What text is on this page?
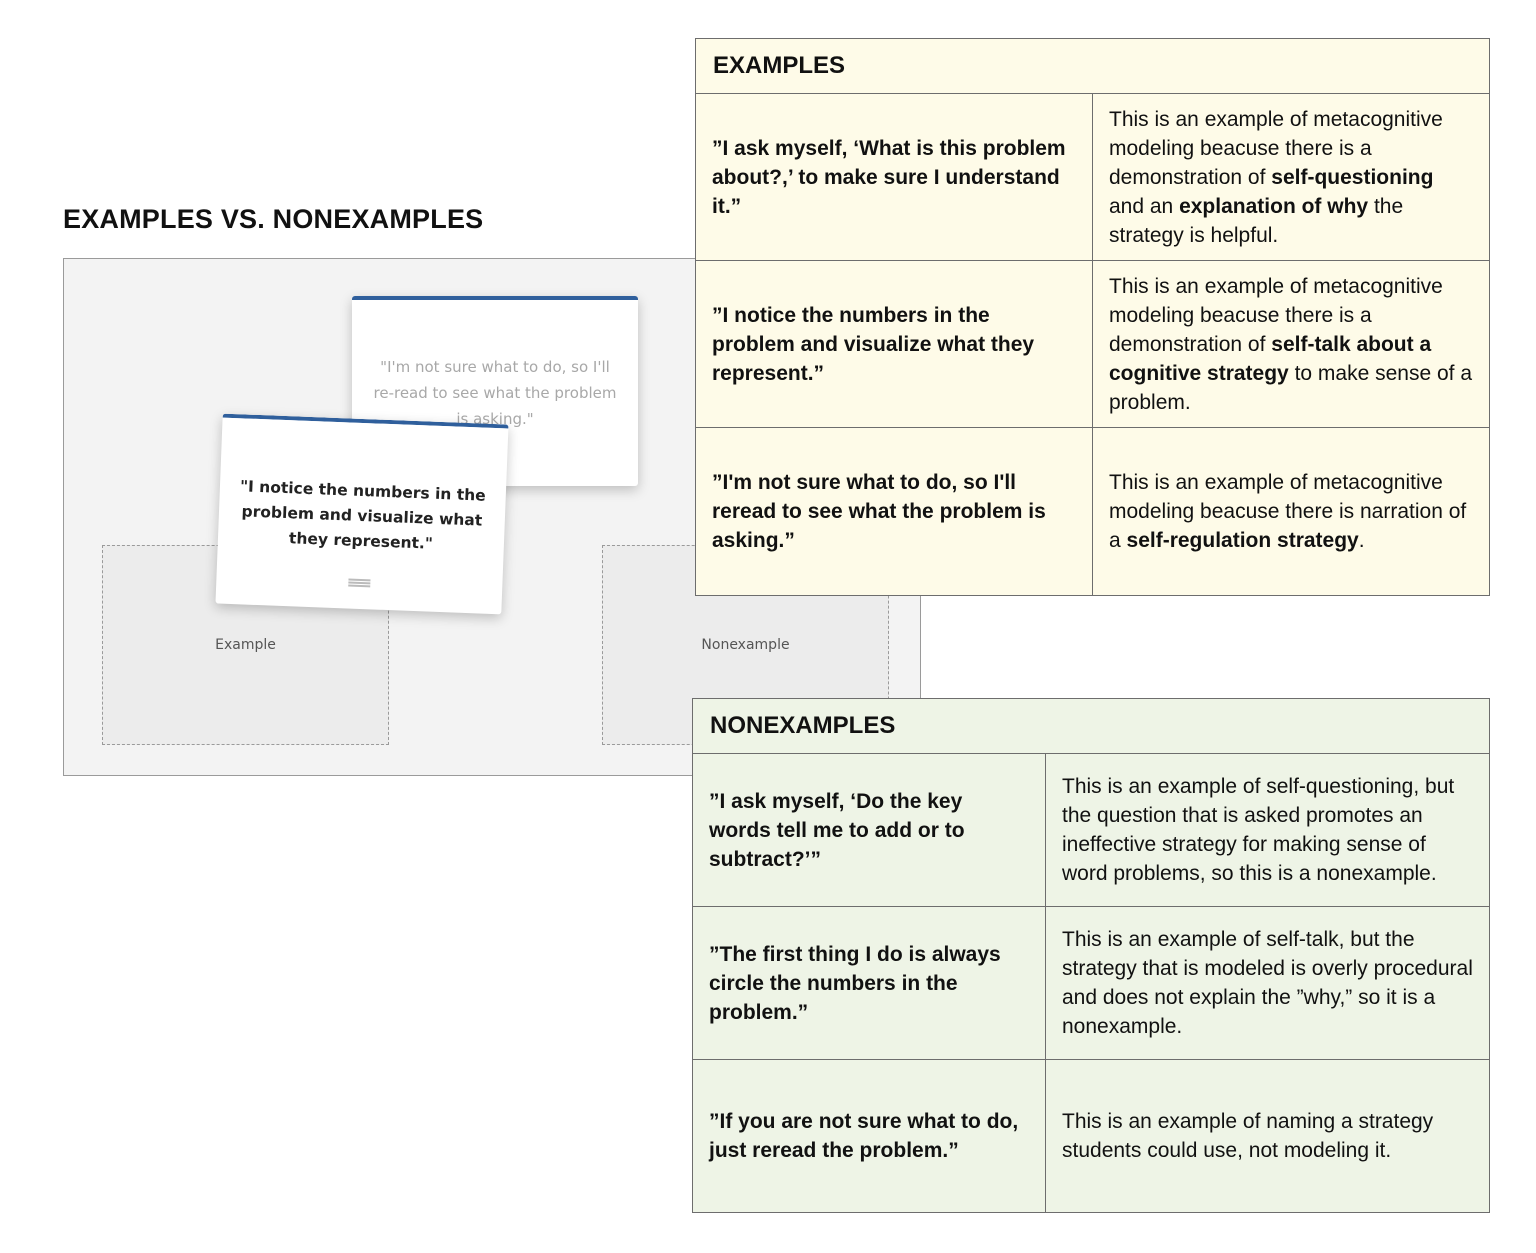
EXAMPLES VS. NONEXAMPLES
Example	Nonexample
"I'm not sure what to do, so I'll re-read to see what the problem is asking."
"I notice the numbers in the problem and visualize what they represent."
EXAMPLES
”I ask myself, ‘What is this problem about?,’ to make sure I understand it.”
This is an example of metacognitive modeling beacuse there is a demonstration of self-questioning and an explanation of why the strategy is helpful.
”I notice the numbers in the problem and visualize what they represent.”
This is an example of metacognitive modeling beacuse there is a demonstration of self-talk about a cognitive strategy to make sense of a problem.
”I'm not sure what to do, so I'll reread to see what the problem is asking.”
This is an example of metacognitive modeling beacuse there is narration of a self-regulation strategy.
NONEXAMPLES
”I ask myself, ‘Do the key words tell me to add or to subtract?’”
This is an example of self-questioning, but the question that is asked promotes an ineffective strategy for making sense of word problems, so this is a nonexample.
”The first thing I do is always circle the numbers in the problem.”
This is an example of self-talk, but the strategy that is modeled is overly procedural and does not explain the ”why,” so it is a nonexample.
”If you are not sure what to do, just reread the problem.”
This is an example of naming a strategy students could use, not modeling it.
